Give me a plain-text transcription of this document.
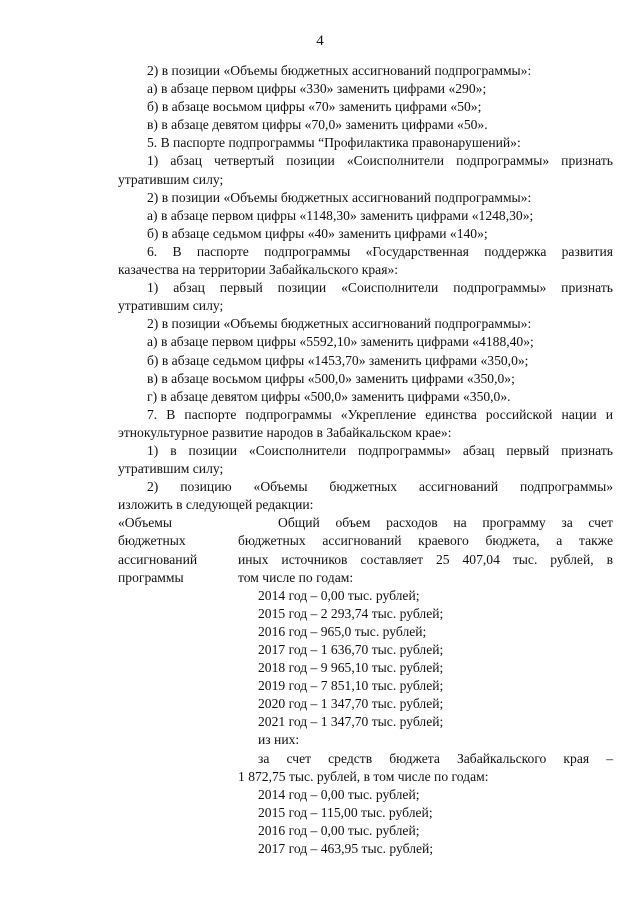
4
2) в позиции «Объемы бюджетных ассигнований подпрограммы»:
а) в абзаце первом цифры «330» заменить цифрами «290»;
б) в абзаце восьмом цифры «70» заменить цифрами «50»;
в) в абзаце девятом цифры «70,0» заменить цифрами «50».
5. В паспорте подпрограммы “Профилактика правонарушений»:
1) абзац четвертый позиции «Соисполнители подпрограммы» признать
утратившим силу;
2) в позиции «Объемы бюджетных ассигнований подпрограммы»:
а) в абзаце первом цифры «1148,30» заменить цифрами «1248,30»;
б) в абзаце седьмом цифры «40» заменить цифрами «140»;
6. В паспорте подпрограммы «Государственная поддержка развития
казачества на территории Забайкальского края»:
1) абзац первый позиции «Соисполнители подпрограммы» признать
утратившим силу;
2) в позиции «Объемы бюджетных ассигнований подпрограммы»:
а) в абзаце первом цифры «5592,10» заменить цифрами «4188,40»;
б) в абзаце седьмом цифры «1453,70» заменить цифрами «350,0»;
в) в абзаце восьмом цифры «500,0» заменить цифрами «350,0»;
г) в абзаце девятом цифры «500,0» заменить цифрами «350,0».
7. В паспорте подпрограммы «Укрепление единства российской нации и
этнокультурное развитие народов в Забайкальском крае»:
1) в позиции «Соисполнители подпрограммы» абзац первый признать
утратившим силу;
2) позицию «Объемы бюджетных ассигнований подпрограммы»
изложить в следующей редакции:
«Объемы
бюджетных
ассигнований
программы
Общий объем расходов на программу за счет
бюджетных ассигнований краевого бюджета, а также
иных источников составляет 25 407,04 тыс. рублей, в
том числе по годам:
2014 год – 0,00 тыс. рублей;
2015 год – 2 293,74 тыс. рублей;
2016 год – 965,0 тыс. рублей;
2017 год – 1 636,70 тыс. рублей;
2018 год – 9 965,10 тыс. рублей;
2019 год – 7 851,10 тыс. рублей;
2020 год – 1 347,70 тыс. рублей;
2021 год – 1 347,70 тыс. рублей;
из них:
за счет средств бюджета Забайкальского края –
1 872,75 тыс. рублей, в том числе по годам:
2014 год – 0,00 тыс. рублей;
2015 год – 115,00 тыс. рублей;
2016 год – 0,00 тыс. рублей;
2017 год – 463,95 тыс. рублей;
